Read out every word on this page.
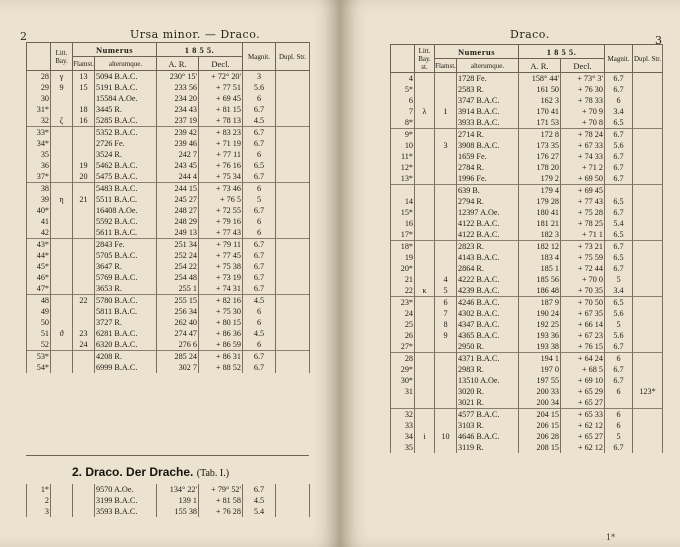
2	Ursa minor. — Draco.
	Litt. Bay.	Numerus		1 8 5 5.		Magnit.	Dupl. Str.
		Flamst.	alterumque.	A. R.	Decl.		
28	γ	13	5094 B.A.C.	230° 15'	+ 72° 20'	3	
29	9	15	5191 B.A.C.	233 56	+ 77 51	5.6	
30			15584 A.Oe.	234 20	+ 69 45	6	
31*		18	3445 R.	234 43	+ 81 15	6.7	
32	ζ	16	5285 B.A.C.	237 19	+ 78 13	4.5	
33*			5352 B.A.C.	239 42	+ 83 23	6.7	
34*			2726 Fe.	239 46	+ 71 19	6.7	
35			3524 R.	242 7	+ 77 11	6	
36		19	5462 B.A.C.	243 45	+ 76 16	6.5	
37*		20	5475 B.A.C.	244 4	+ 75 34	6.7	
38			5483 B.A.C.	244 15	+ 73 46	6	
39	η	21	5511 B.A.C.	245 27	+ 76 5	5	
40*			16408 A.Oe.	248 27	+ 72 55	6.7	
41			5592 B.A.C.	248 29	+ 79 16	6	
42			5611 B.A.C.	249 13	+ 77 43	6	
43*			2843 Fe.	251 34	+ 79 11	6.7	
44*			5705 B.A.C.	252 24	+ 77 45	6.7	
45*			3647 R.	254 22	+ 75 38	6.7	
46*			5769 B.A.C.	254 48	+ 73 19	6.7	
47*			3653 R.	255 1	+ 74 31	6.7	
48		22	5780 B.A.C.	255 15	+ 82 16	4.5	
49			5811 B.A.C.	256 34	+ 75 30	6	
50			3727 R.	262 40	+ 80 15	6	
51	ϑ	23	6281 B.A.C.	274 47	+ 86 36	4.5	
52		24	6320 B.A.C.	276 6	+ 86 59	6	
53*			4208 R.	285 24	+ 86 31	6.7	
54*			6999 B.A.C.	302 7	+ 88 52	6.7	
2. Draco. Der Drache. (Tab. I.)
1*			9570 A.Oe.	134° 22'	+ 79° 52'	6.7	
2			3199 B.A.C.	139 1	+ 81 58	4.5	
3			3593 B.A.C.	155 38	+ 76 28	5.4	
Draco.	3
	Litt. Bay. st.	Numerus		1 8 5 5.		Magnit.	Dupl. Str.
		Flamst.	alterumque.	A. R.	Decl.		
4			1728 Fe.	158° 44'	+ 73° 3'	6.7	
5*			2583 R.	161 50	+ 76 30	6.7	
6			3747 B.A.C.	162 3	+ 78 33	6	
7	λ	1	3914 B.A.C.	170 41	+ 70 9	3.4	
8*			3933 B.A.C.	171 53	+ 70 8	6.5	
9*			2714 R.	172 8	+ 78 24	6.7	
10		3	3908 B.A.C.	173 35	+ 67 33	5.6	
11*			1659 Fe.	176 27	+ 74 33	6.7	
12*			2784 R.	178 20	+ 71 2	6.7	
13*			1996 Fe.	179 2	+ 69 50	6.7	
			639 B.	179 4	+ 69 45		
14			2794 R.	179 28	+ 77 43	6.5	
15*			12397 A.Oe.	180 41	+ 75 28	6.7	
16			4122 B.A.C.	181 21	+ 78 25	5.4	
17*			4122 B.A.C.	182 3	+ 71 1	6.5	
18*			2823 R.	182 12	+ 73 21	6.7	
19			4143 B.A.C.	183 4	+ 75 59	6.5	
20*			2864 R.	185 1	+ 72 44	6.7	
21		4	4222 B.A.C.	185 56	+ 70 0	5	
22	κ	5	4239 B.A.C.	186 48	+ 70 35	3.4	
23*		6	4246 B.A.C.	187 9	+ 70 50	6.5	
24		7	4302 B.A.C.	190 24	+ 67 35	5.6	
25		8	4347 B.A.C.	192 25	+ 66 14	5	
26		9	4365 B.A.C.	193 36	+ 67 23	5.6	
27*			2950 R.	193 38	+ 76 15	6.7	
28			4371 B.A.C.	194 1	+ 64 24	6	
29*			2983 R.	197 0	+ 68 5	6.7	
30*			13510 A.Oe.	197 55	+ 69 10	6.7	
31			3020 R.	200 33	+ 65 29	6	123*
			3021 R.	200 34	+ 65 27		
32			4577 B.A.C.	204 15	+ 65 33	6	
33			3103 R.	206 15	+ 62 12	6	
34	i	10	4646 B.A.C.	206 28	+ 65 27	5	
35			3119 R.	208 15	+ 62 12	6.7	
1*
